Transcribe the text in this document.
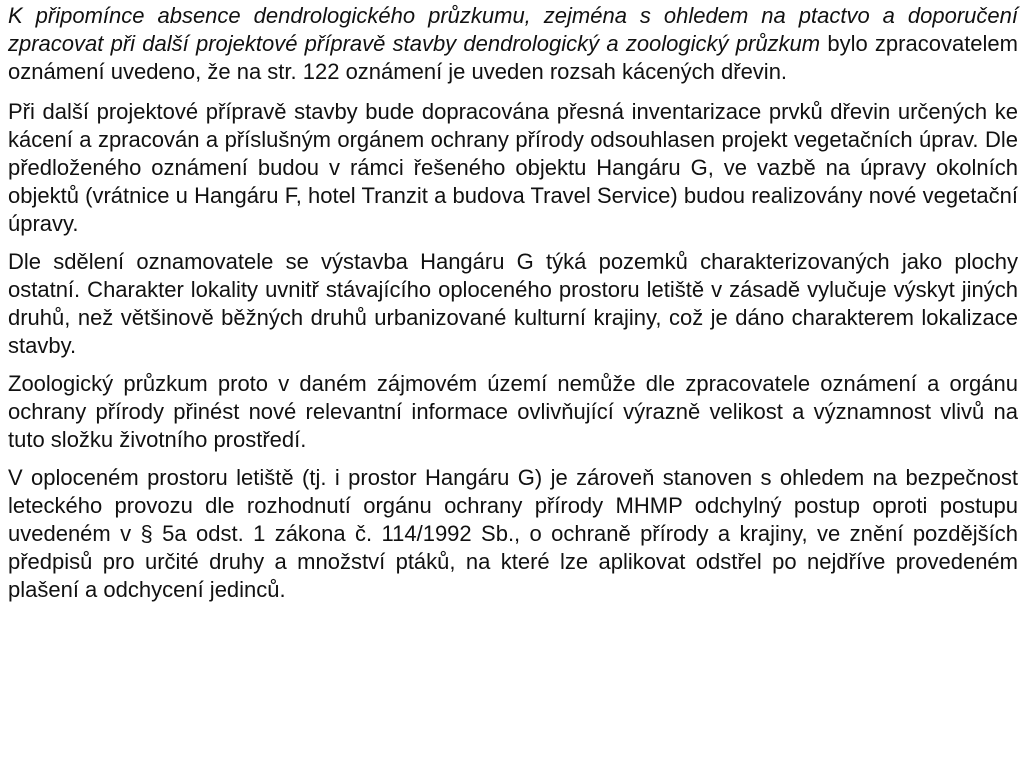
K připomínce absence dendrologického průzkumu, zejména s ohledem na ptactvo a doporučení zpracovat při další projektové přípravě stavby dendrologický a zoologický průzkum bylo zpracovatelem oznámení uvedeno, že na str. 122 oznámení je uveden rozsah kácených dřevin.

Při další projektové přípravě stavby bude dopracována přesná inventarizace prvků dřevin určených ke kácení a zpracován a příslušným orgánem ochrany přírody odsouhlasen projekt vegetačních úprav. Dle předloženého oznámení budou v rámci řešeného objektu Hangáru G, ve vazbě na úpravy okolních objektů (vrátnice u Hangáru F, hotel Tranzit a budova Travel Service) budou realizovány nové vegetační úpravy.

Dle sdělení oznamovatele se výstavba Hangáru G týká pozemků charakterizovaných jako plochy ostatní. Charakter lokality uvnitř stávajícího oploceného prostoru letiště v zásadě vylučuje výskyt jiných druhů, než většinově běžných druhů urbanizované kulturní krajiny, což je dáno charakterem lokalizace stavby.

Zoologický průzkum proto v daném zájmovém území nemůže dle zpracovatele oznámení a orgánu ochrany přírody přinést nové relevantní informace ovlivňující výrazně velikost a významnost vlivů na tuto složku životního prostředí.

V oploceném prostoru letiště (tj. i prostor Hangáru G) je zároveň stanoven s ohledem na bezpečnost leteckého provozu dle rozhodnutí orgánu ochrany přírody MHMP odchylný postup oproti postupu uvedeném v § 5a odst. 1 zákona č. 114/1992 Sb., o ochraně přírody a krajiny, ve znění pozdějších předpisů pro určité druhy a množství ptáků, na které lze aplikovat odstřel po nejdříve provedeném plašení a odchycení jedinců.
